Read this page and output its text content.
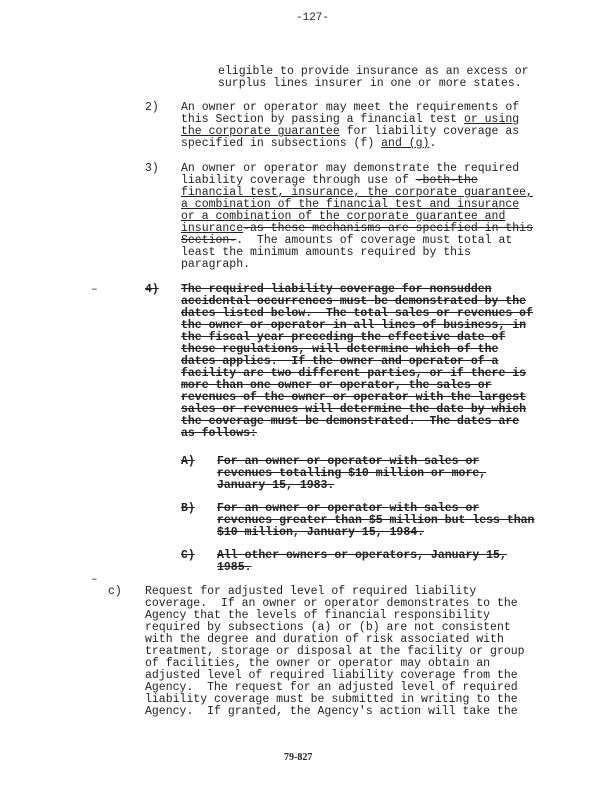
-127-
eligible to provide insurance as an excess or
surplus lines insurer in one or more states.
2) An owner or operator may meet the requirements of
this Section by passing a financial test or using
the corporate guarantee for liability coverage as
specified in subsections (f) and (g).
3) An owner or operator may demonstrate the required
liability coverage through use of -both-the
financial test, insurance, the corporate guarantee,
a combination of the financial test and insurance
or a combination of the corporate guarantee and
insurance-as these mechanisms are specified in this
Section-.  The amounts of coverage must total at
least the minimum amounts required by this
paragraph.
–	4) The required liability coverage for nonsudden
accidental occurrences must be demonstrated by the
dates listed below.  The total sales or revenues of
the owner or operator in all lines of business, in
the fiscal year preceding the effective date of
these regulations, will determine which of the
dates applies.  If the owner and operator of a
facility are two different parties, or if there is
more than one owner or operator, the sales or
revenues of the owner or operator with the largest
sales or revenues will determine the date by which
the coverage must be demonstrated.  The dates are
as follows:
A) For an owner or operator with sales or
revenues totalling $10 million or more,
January 15, 1983.
B) For an owner or operator with sales or
revenues greater than $5 million but less than
$10 million, January 15, 1984.
C) All other owners or operators, January 15,
1985.
–
c) Request for adjusted level of required liability
coverage.  If an owner or operator demonstrates to the
Agency that the levels of financial responsibility
required by subsections (a) or (b) are not consistent
with the degree and duration of risk associated with
treatment, storage or disposal at the facility or group
of facilities, the owner or operator may obtain an
adjusted level of required liability coverage from the
Agency.  The request for an adjusted level of required
liability coverage must be submitted in writing to the
Agency.  If granted, the Agency's action will take the
79-827
